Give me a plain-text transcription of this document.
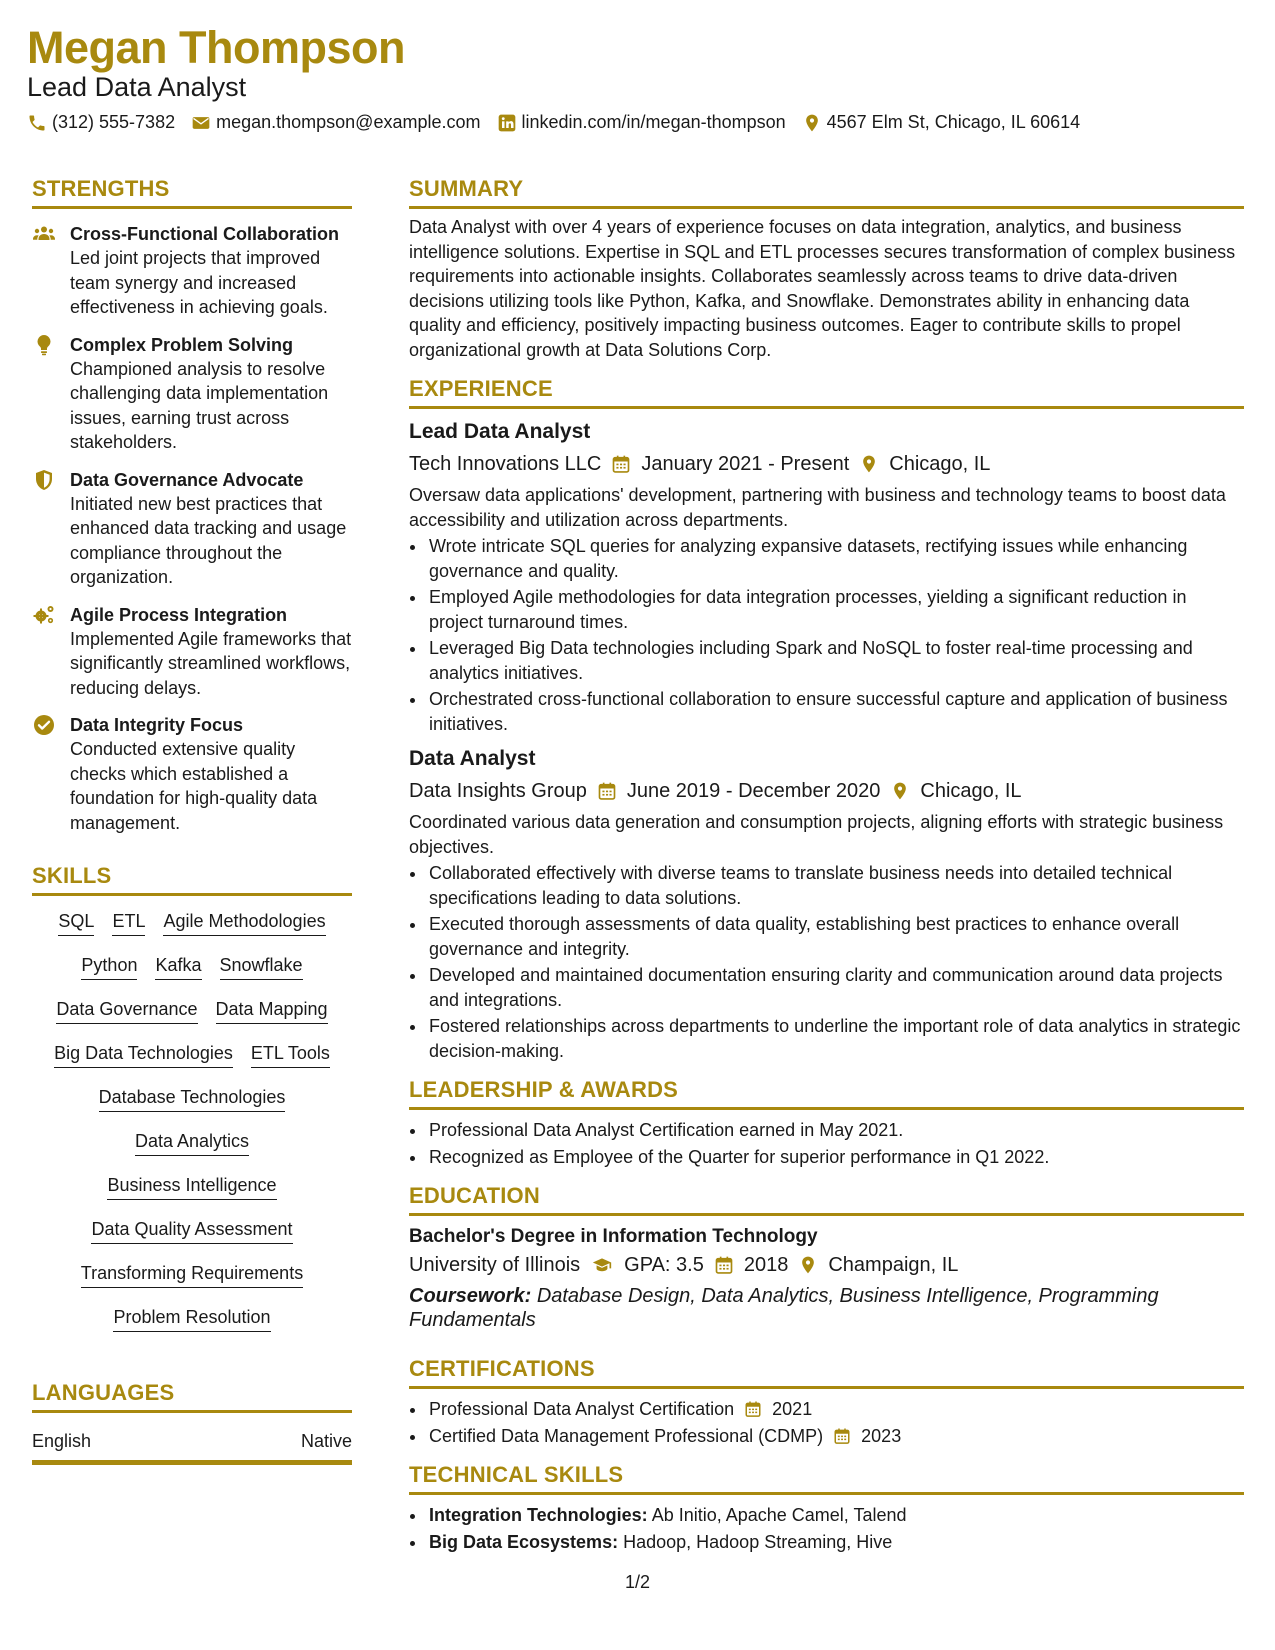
Megan Thompson
Lead Data Analyst
(312) 555-7382 megan.thompson@example.com linkedin.com/in/megan-thompson 4567 Elm St, Chicago, IL 60614
STRENGTHS
Cross-Functional Collaboration
Led joint projects that improved team synergy and increased effectiveness in achieving goals.
Complex Problem Solving
Championed analysis to resolve challenging data implementation issues, earning trust across stakeholders.
Data Governance Advocate
Initiated new best practices that enhanced data tracking and usage compliance throughout the organization.
Agile Process Integration
Implemented Agile frameworks that significantly streamlined workflows, reducing delays.
Data Integrity Focus
Conducted extensive quality checks which established a foundation for high-quality data management.
SKILLS
SQL ETL Agile Methodologies
Python Kafka Snowflake
Data Governance Data Mapping
Big Data Technologies ETL Tools
Database Technologies
Data Analytics
Business Intelligence
Data Quality Assessment
Transforming Requirements
Problem Resolution
LANGUAGES
English	Native
SUMMARY
Data Analyst with over 4 years of experience focuses on data integration, analytics, and business intelligence solutions. Expertise in SQL and ETL processes secures transformation of complex business requirements into actionable insights. Collaborates seamlessly across teams to drive data-driven decisions utilizing tools like Python, Kafka, and Snowflake. Demonstrates ability in enhancing data quality and efficiency, positively impacting business outcomes. Eager to contribute skills to propel organizational growth at Data Solutions Corp.
EXPERIENCE
Lead Data Analyst
Tech Innovations LLC January 2021 - Present Chicago, IL
Oversaw data applications' development, partnering with business and technology teams to boost data accessibility and utilization across departments.
• Wrote intricate SQL queries for analyzing expansive datasets, rectifying issues while enhancing governance and quality.
• Employed Agile methodologies for data integration processes, yielding a significant reduction in project turnaround times.
• Leveraged Big Data technologies including Spark and NoSQL to foster real-time processing and analytics initiatives.
• Orchestrated cross-functional collaboration to ensure successful capture and application of business initiatives.
Data Analyst
Data Insights Group June 2019 - December 2020 Chicago, IL
Coordinated various data generation and consumption projects, aligning efforts with strategic business objectives.
• Collaborated effectively with diverse teams to translate business needs into detailed technical specifications leading to data solutions.
• Executed thorough assessments of data quality, establishing best practices to enhance overall governance and integrity.
• Developed and maintained documentation ensuring clarity and communication around data projects and integrations.
• Fostered relationships across departments to underline the important role of data analytics in strategic decision-making.
LEADERSHIP & AWARDS
• Professional Data Analyst Certification earned in May 2021.
• Recognized as Employee of the Quarter for superior performance in Q1 2022.
EDUCATION
Bachelor's Degree in Information Technology
University of Illinois GPA: 3.5 2018 Champaign, IL
Coursework: Database Design, Data Analytics, Business Intelligence, Programming Fundamentals
CERTIFICATIONS
• Professional Data Analyst Certification 2021
• Certified Data Management Professional (CDMP) 2023
TECHNICAL SKILLS
• Integration Technologies: Ab Initio, Apache Camel, Talend
• Big Data Ecosystems: Hadoop, Hadoop Streaming, Hive
1/2
